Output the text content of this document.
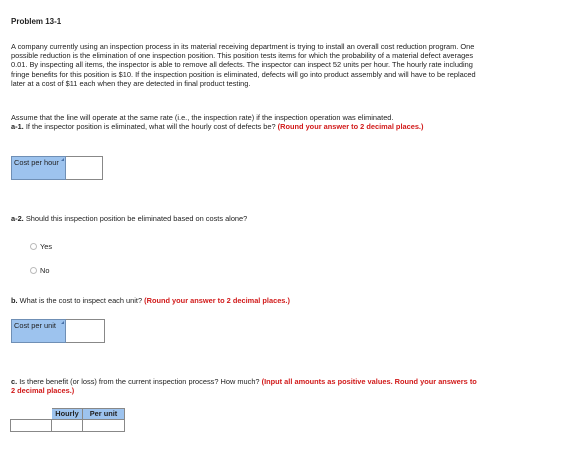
Problem 13-1
A company currently using an inspection process in its material receiving department is trying to install an overall cost reduction program. One possible reduction is the elimination of one inspection position. This position tests items for which the probability of a material defect averages 0.01. By inspecting all items, the inspector is able to remove all defects. The inspector can inspect 52 units per hour. The hourly rate including fringe benefits for this position is $10. If the inspection position is eliminated, defects will go into product assembly and will have to be replaced later at a cost of $11 each when they are detected in final product testing.
Assume that the line will operate at the same rate (i.e., the inspection rate) if the inspection operation was eliminated.
a-1. If the inspector position is eliminated, what will the hourly cost of defects be? (Round your answer to 2 decimal places.)
Cost per hour	
a-2. Should this inspection position be eliminated based on costs alone?
Yes
No
b. What is the cost to inspect each unit? (Round your answer to 2 decimal places.)
Cost per unit	
c. Is there benefit (or loss) from the current inspection process? How much? (Input all amounts as positive values. Round your answers to 2 decimal places.)
	Hourly	Per unit
